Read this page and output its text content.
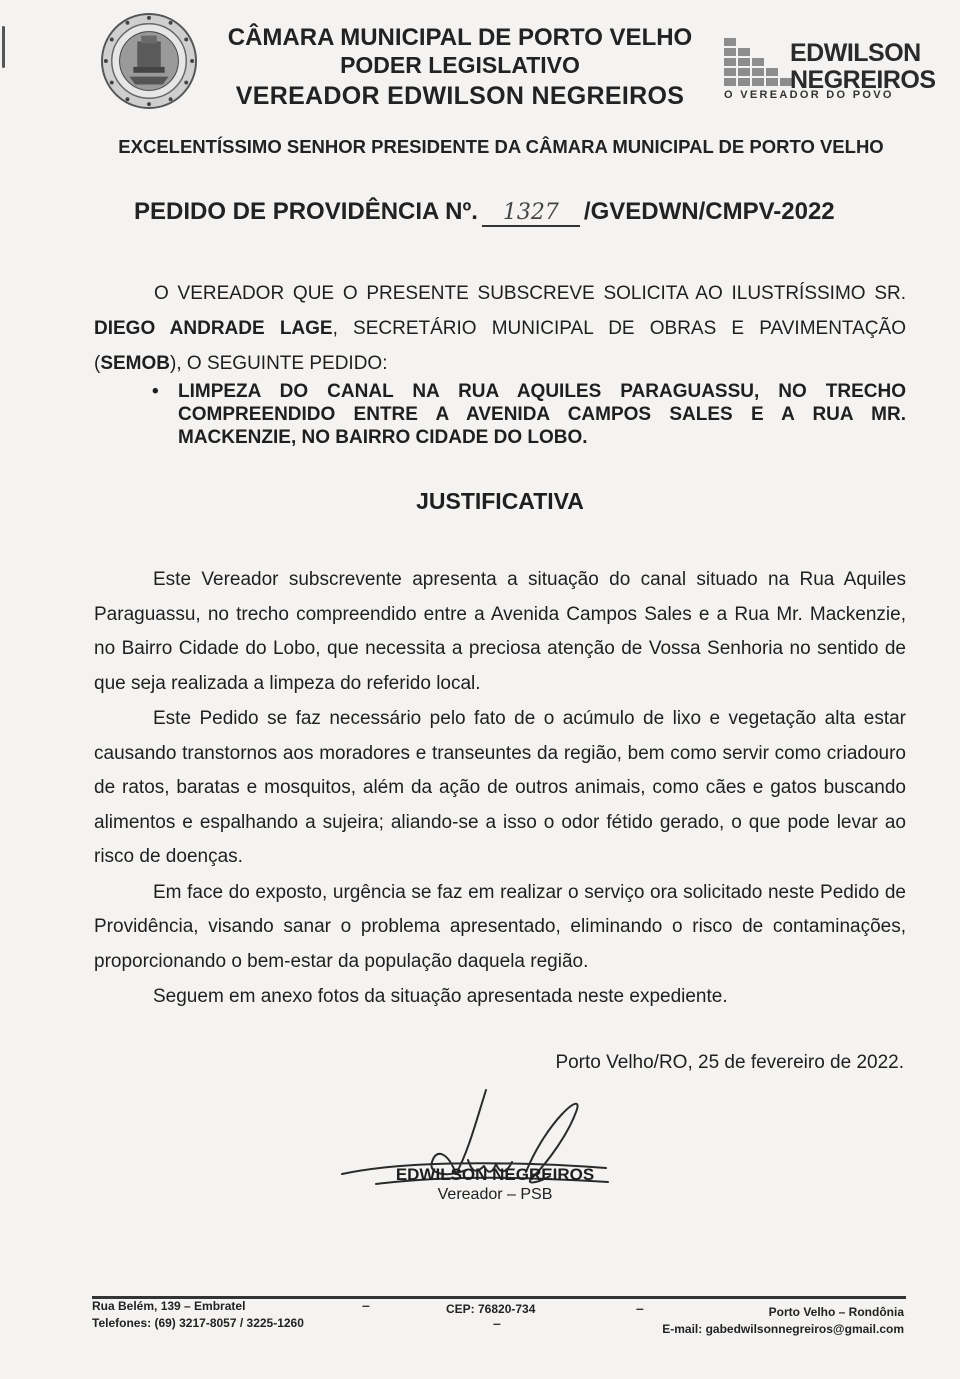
CÂMARA MUNICIPAL DE PORTO VELHO
PODER LEGISLATIVO
VEREADOR EDWILSON NEGREIROS
EDWILSON
NEGREIROS
O VEREADOR DO POVO
EXCELENTÍSSIMO SENHOR PRESIDENTE DA CÂMARA MUNICIPAL DE PORTO VELHO
PEDIDO DE PROVIDÊNCIA Nº. 1327 /GVEDWN/CMPV-2022

O VEREADOR QUE O PRESENTE SUBSCREVE SOLICITA AO ILUSTRÍSSIMO SR. DIEGO ANDRADE LAGE, SECRETÁRIO MUNICIPAL DE OBRAS E PAVIMENTAÇÃO (SEMOB), O SEGUINTE PEDIDO:

• LIMPEZA DO CANAL NA RUA AQUILES PARAGUASSU, NO TRECHO COMPREENDIDO ENTRE A AVENIDA CAMPOS SALES E A RUA MR. MACKENZIE, NO BAIRRO CIDADE DO LOBO.
JUSTIFICATIVA

Este Vereador subscrevente apresenta a situação do canal situado na Rua Aquiles Paraguassu, no trecho compreendido entre a Avenida Campos Sales e a Rua Mr. Mackenzie, no Bairro Cidade do Lobo, que necessita a preciosa atenção de Vossa Senhoria no sentido de que seja realizada a limpeza do referido local.

Este Pedido se faz necessário pelo fato de o acúmulo de lixo e vegetação alta estar causando transtornos aos moradores e transeuntes da região, bem como servir como criadouro de ratos, baratas e mosquitos, além da ação de outros animais, como cães e gatos buscando alimentos e espalhando a sujeira; aliando-se a isso o odor fétido gerado, o que pode levar ao risco de doenças.

Em face do exposto, urgência se faz em realizar o serviço ora solicitado neste Pedido de Providência, visando sanar o problema apresentado, eliminando o risco de contaminações, proporcionando o bem-estar da população daquela região.

Seguem em anexo fotos da situação apresentada neste expediente.

Porto Velho/RO, 25 de fevereiro de 2022.
EDWILSON NEGREIROS
Vereador – PSB
Rua Belém, 139 – Embratel
Telefones: (69) 3217-8057 / 3225-1260
CEP: 76820-734	Porto Velho – Rondônia
E-mail: gabedwilsonnegreiros@gmail.com
–
–
–
